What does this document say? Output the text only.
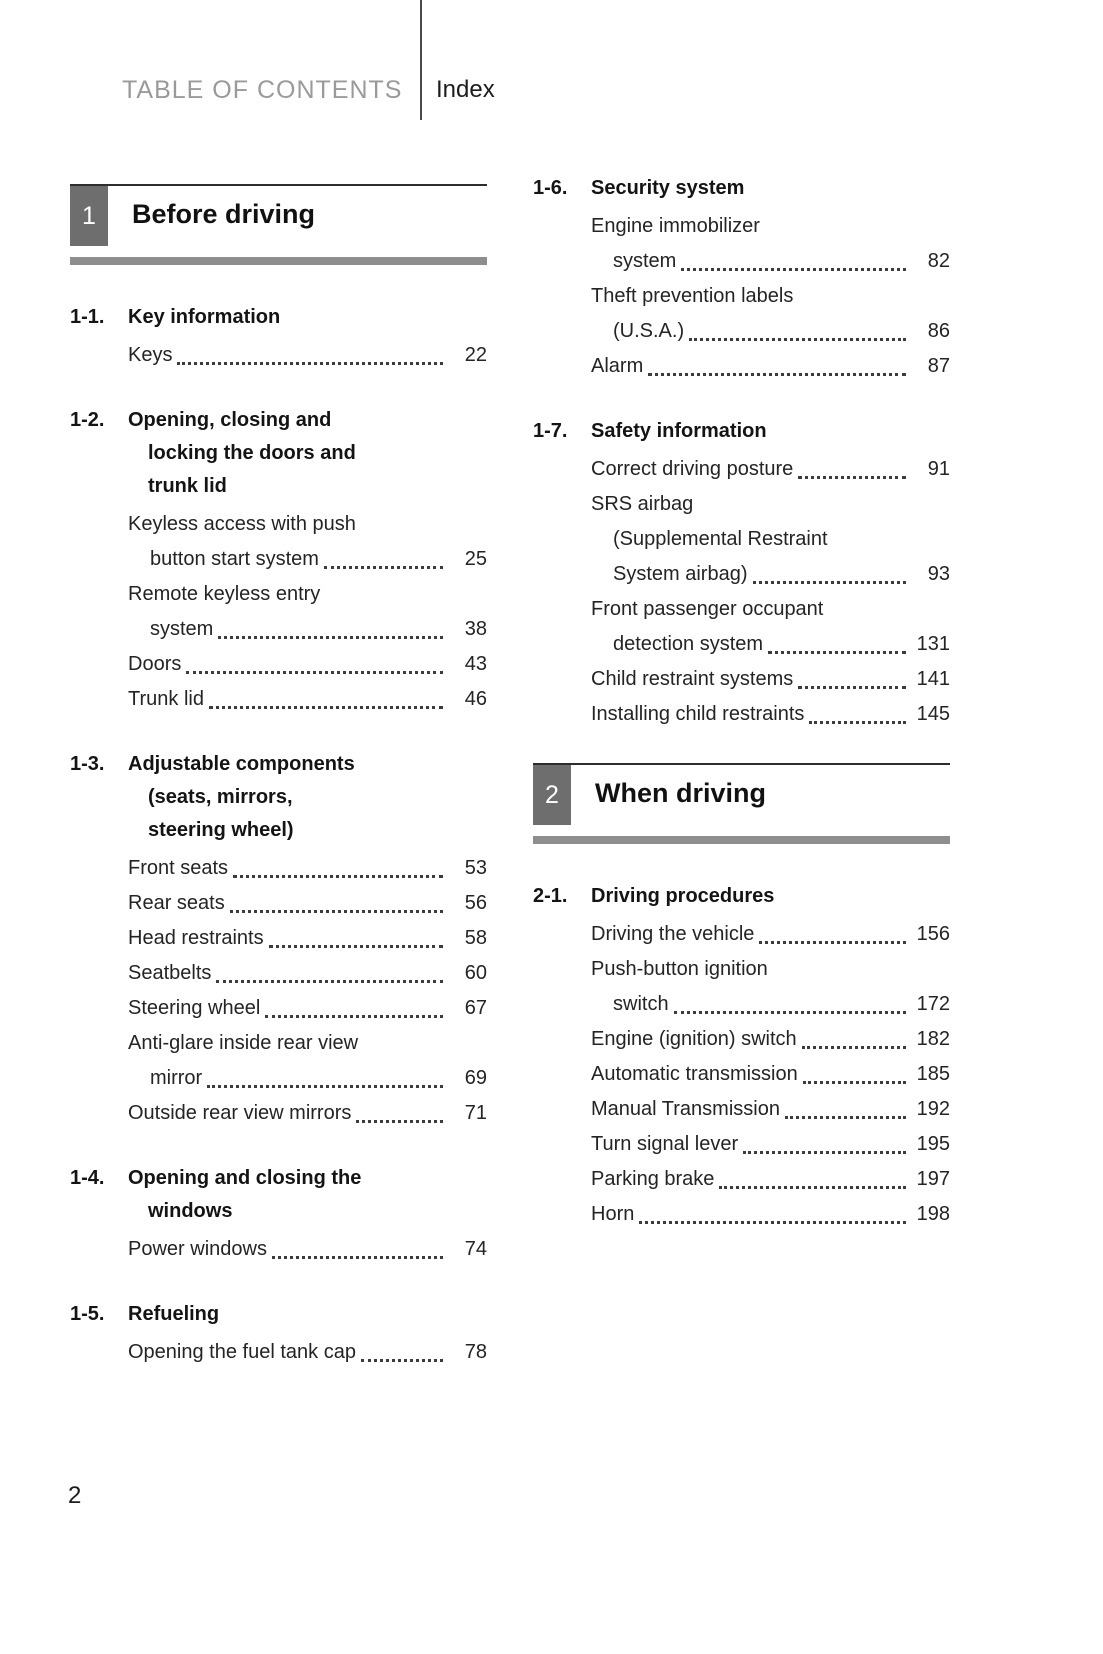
TABLE OF CONTENTS Index
1	Before driving
1-1.	Key information
Keys	22
1-2.	Opening, closing and
locking the doors and
trunk lid
Keyless access with push
button start system	25
Remote keyless entry
system	38
Doors	43
Trunk lid	46
1-3.	Adjustable components
(seats, mirrors,
steering wheel)
Front seats	53
Rear seats	56
Head restraints	58
Seatbelts	60
Steering wheel	67
Anti-glare inside rear view
mirror	69
Outside rear view mirrors	71
1-4.	Opening and closing the
windows
Power windows	74
1-5.	Refueling
Opening the fuel tank cap	78
1-6.	Security system
Engine immobilizer
system	82
Theft prevention labels
(U.S.A.)	86
Alarm	87
1-7.	Safety information
Correct driving posture	91
SRS airbag
(Supplemental Restraint
System airbag)	93
Front passenger occupant
detection system	131
Child restraint systems	141
Installing child restraints	145
2	When driving
2-1.	Driving procedures
Driving the vehicle	156
Push-button ignition
switch	172
Engine (ignition) switch	182
Automatic transmission	185
Manual Transmission	192
Turn signal lever	195
Parking brake	197
Horn	198
2
